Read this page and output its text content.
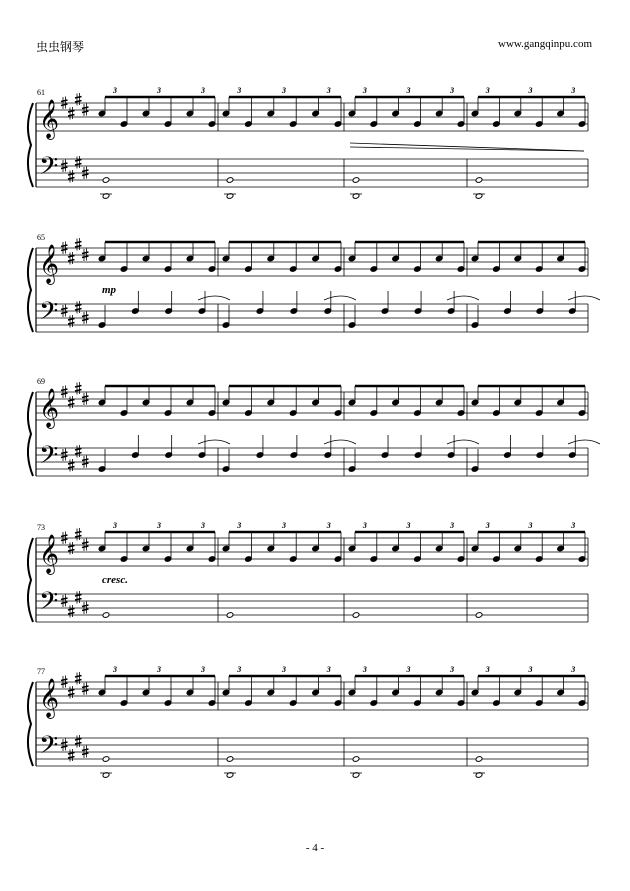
虫虫钢琴	www.gangqinpu.com
𝄞
𝄢
61	3	3	3	3	3	3	3	3	3	3	3	3
𝄞
𝄢
65
mp
𝄞
𝄢
69
𝄞
𝄢
73
cresc.
3	3	3	3	3	3	3	3	3	3	3	3
𝄞
𝄢
77	3	3	3	3	3	3	3	3	3	3	3	3
- 4 -
